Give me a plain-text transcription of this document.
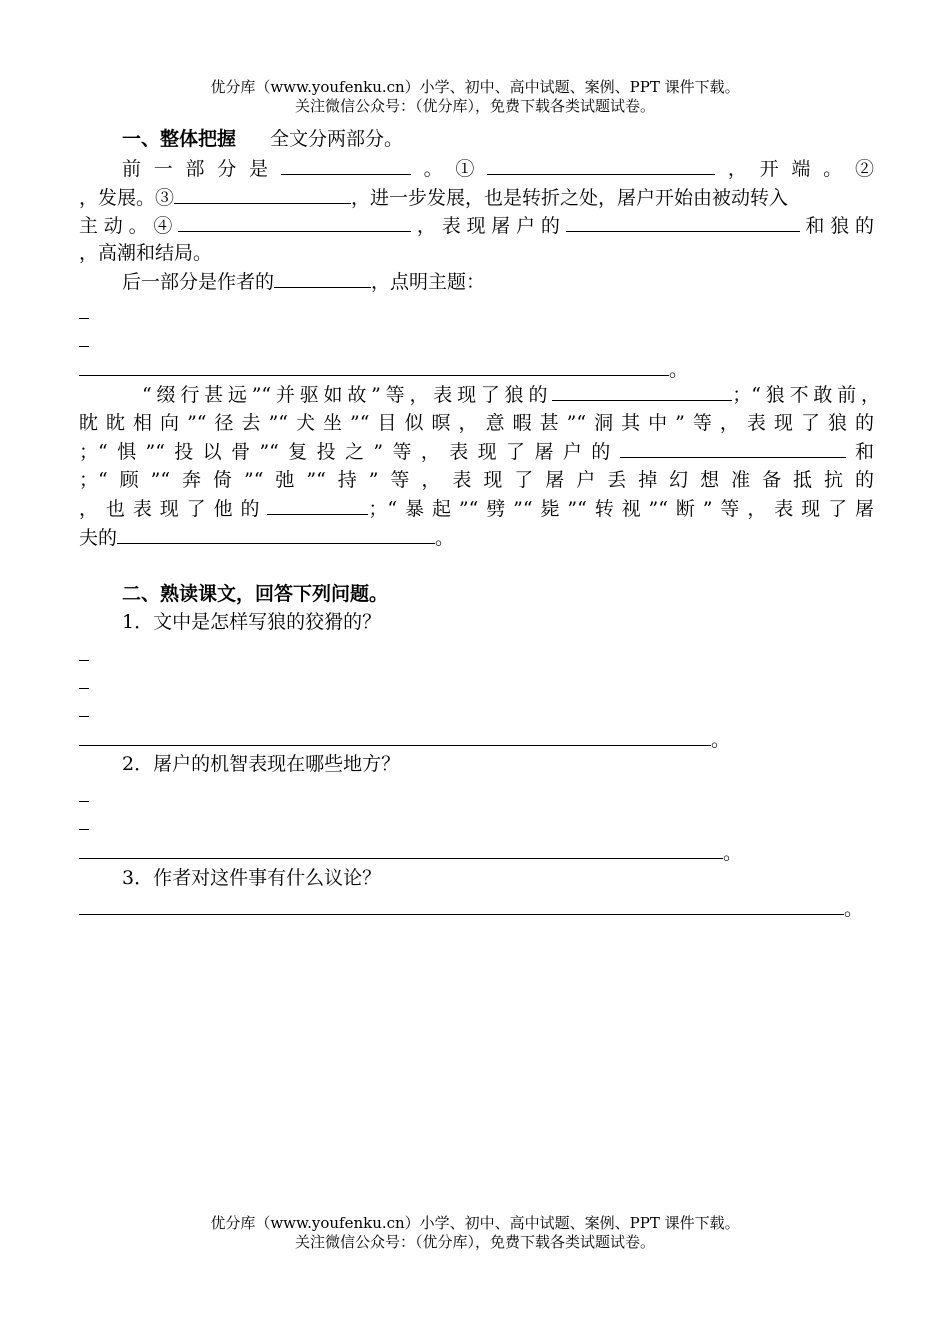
优分库（www.youfenku.cn）小学、初中、高中试题、案例、PPT 课件下载。
关注微信公众号：（优分库），免费下载各类试题试卷。
一、整体把握 全文分两部分。
前一部分是	。①	，开端。②
，发展。③	，进一步发展，也是转折之处，屠户开始由被动转入
主动。④	，表现屠户的	和狼的
，高潮和结局。
后一部分是作者的	，点明主题：
。
“缀行甚远”“并驱如故”等，表现了狼的	；“狼不敢前，
眈眈相向”“径去”“犬坐”“目似暝，意暇甚”“洞其中”等，表现了狼的
；“惧”“投以骨”“复投之”等，表现了屠户的	和
；“顾”“奔倚”“弛”“持”等，表现了屠户丢掉幻想准备抵抗的
，也表现了他的	；“暴起”“劈”“毙”“转视”“断”等，表现了屠
夫的	。
二、熟读课文，回答下列问题。
1．文中是怎样写狼的狡猾的？
。
2．屠户的机智表现在哪些地方？
。
3．作者对这件事有什么议论？
。
优分库（www.youfenku.cn）小学、初中、高中试题、案例、PPT 课件下载。
关注微信公众号：（优分库），免费下载各类试题试卷。
